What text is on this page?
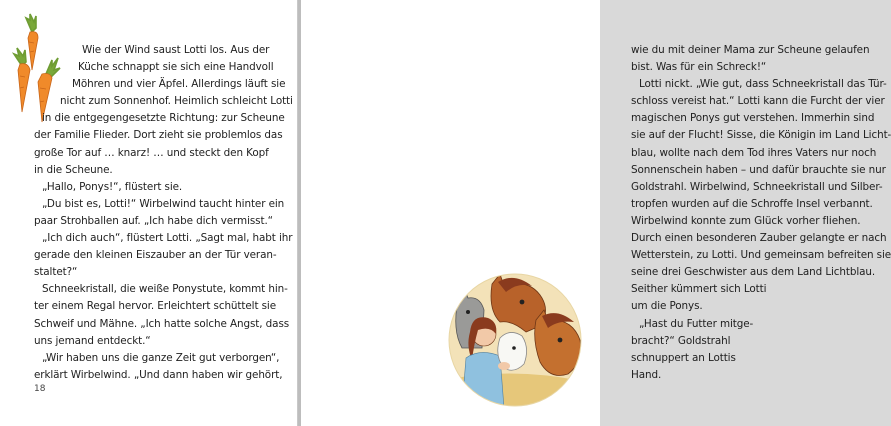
Wie der Wind saust Lotti los. Aus der
Küche schnappt sie sich eine Handvoll
Möhren und vier Äpfel. Allerdings läuft sie
nicht zum Sonnenhof. Heimlich schleicht Lotti
in die entgegengesetzte Richtung: zur Scheune
der Familie Flieder. Dort zieht sie problemlos das
große Tor auf … knarz! … und steckt den Kopf
in die Scheune.
„Hallo, Ponys!“, flüstert sie.
„Du bist es, Lotti!“ Wirbelwind taucht hinter ein
paar Strohballen auf. „Ich habe dich vermisst.“
„Ich dich auch“, flüstert Lotti. „Sagt mal, habt ihr
gerade den kleinen Eiszauber an der Tür veran-
staltet?“
Schneekristall, die weiße Ponystute, kommt hin-
ter einem Regal hervor. Erleichtert schüttelt sie
Schweif und Mähne. „Ich hatte solche Angst, dass
uns jemand entdeckt.“
„Wir haben uns die ganze Zeit gut verborgen“,
erklärt Wirbelwind. „Und dann haben wir gehört,
18
wie du mit deiner Mama zur Scheune gelaufen
bist. Was für ein Schreck!“
Lotti nickt. „Wie gut, dass Schneekristall das Tür-
schloss vereist hat.“ Lotti kann die Furcht der vier
magischen Ponys gut verstehen. Immerhin sind
sie auf der Flucht! Sisse, die Königin im Land Licht-
blau, wollte nach dem Tod ihres Vaters nur noch
Sonnenschein haben – und dafür brauchte sie nur
Goldstrahl. Wirbelwind, Schneekristall und Silber-
tropfen wurden auf die Schroffe Insel verbannt.
Wirbelwind konnte zum Glück vorher fliehen.
Durch einen besonderen Zauber gelangte er nach
Wetterstein, zu Lotti. Und gemeinsam befreiten sie
seine drei Geschwister aus dem Land Lichtblau.
Seither kümmert sich Lotti
um die Ponys.
„Hast du Futter mitge-
bracht?“ Goldstrahl
schnuppert an Lottis
Hand.
